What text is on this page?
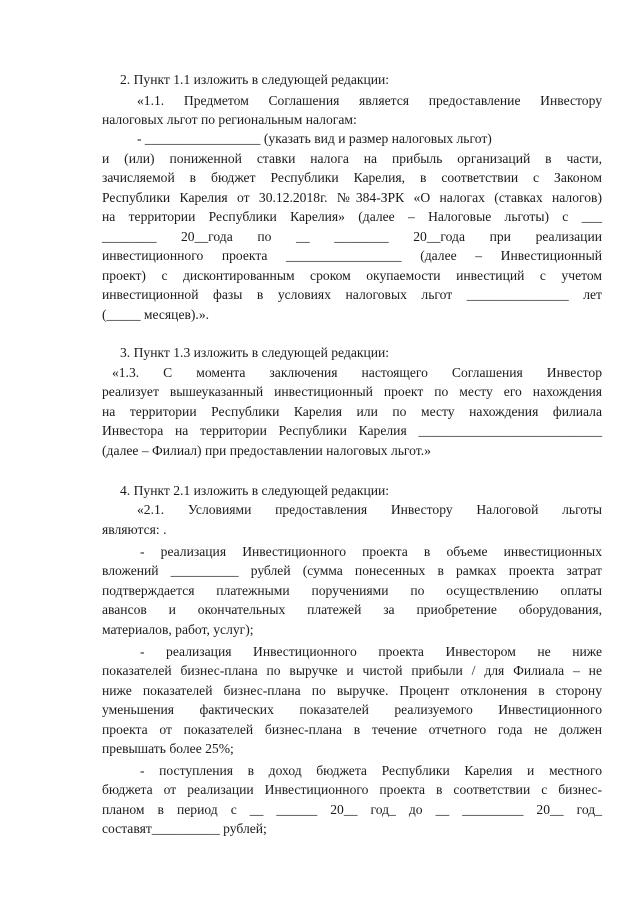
2. Пункт 1.1 изложить в следующей редакции:
«1.1. Предметом Соглашения является предоставление Инвестору
налоговых льгот по региональным налогам:
- _________________ (указать вид и размер налоговых льгот)
и (или) пониженной ставки налога на прибыль организаций в части,
зачисляемой в бюджет Республики Карелия, в соответствии с Законом
Республики Карелия от 30.12.2018г. №384-ЗРК «О налогах (ставках налогов)
на территории Республики Карелия» (далее – Налоговые льготы) с ___
________ 20__года по __ ________ 20__года при реализации
инвестиционного проекта _________________ (далее – Инвестиционный
проект) с дисконтированным сроком окупаемости инвестиций с учетом
инвестиционной фазы в условиях налоговых льгот _______________ лет
(_____ месяцев).».
3. Пункт 1.3 изложить в следующей редакции:
«1.3. С момента заключения настоящего Соглашения Инвестор
реализует вышеуказанный инвестиционный проект по месту его нахождения
на территории Республики Карелия или по месту нахождения филиала
Инвестора на территории Республики Карелия ___________________________
(далее – Филиал) при предоставлении налоговых льгот.»
4. Пункт 2.1 изложить в следующей редакции:
«2.1. Условиями предоставления Инвестору Налоговой льготы
являются: .
- реализация Инвестиционного проекта в объеме инвестиционных
вложений __________ рублей (сумма понесенных в рамках проекта затрат
подтверждается платежными поручениями по осуществлению оплаты
авансов и окончательных платежей за приобретение оборудования,
материалов, работ, услуг);
- реализация Инвестиционного проекта Инвестором не ниже
показателей бизнес-плана по выручке и чистой прибыли / для Филиала – не
ниже показателей бизнес-плана по выручке. Процент отклонения в сторону
уменьшения фактических показателей реализуемого Инвестиционного
проекта от показателей бизнес-плана в течение отчетного года не должен
превышать более 25%;
- поступления в доход бюджета Республики Карелия и местного
бюджета от реализации Инвестиционного проекта в соответствии с бизнес-
планом в период с __ ______ 20__ год_ до __ _________ 20__ год_
составят__________ рублей;
